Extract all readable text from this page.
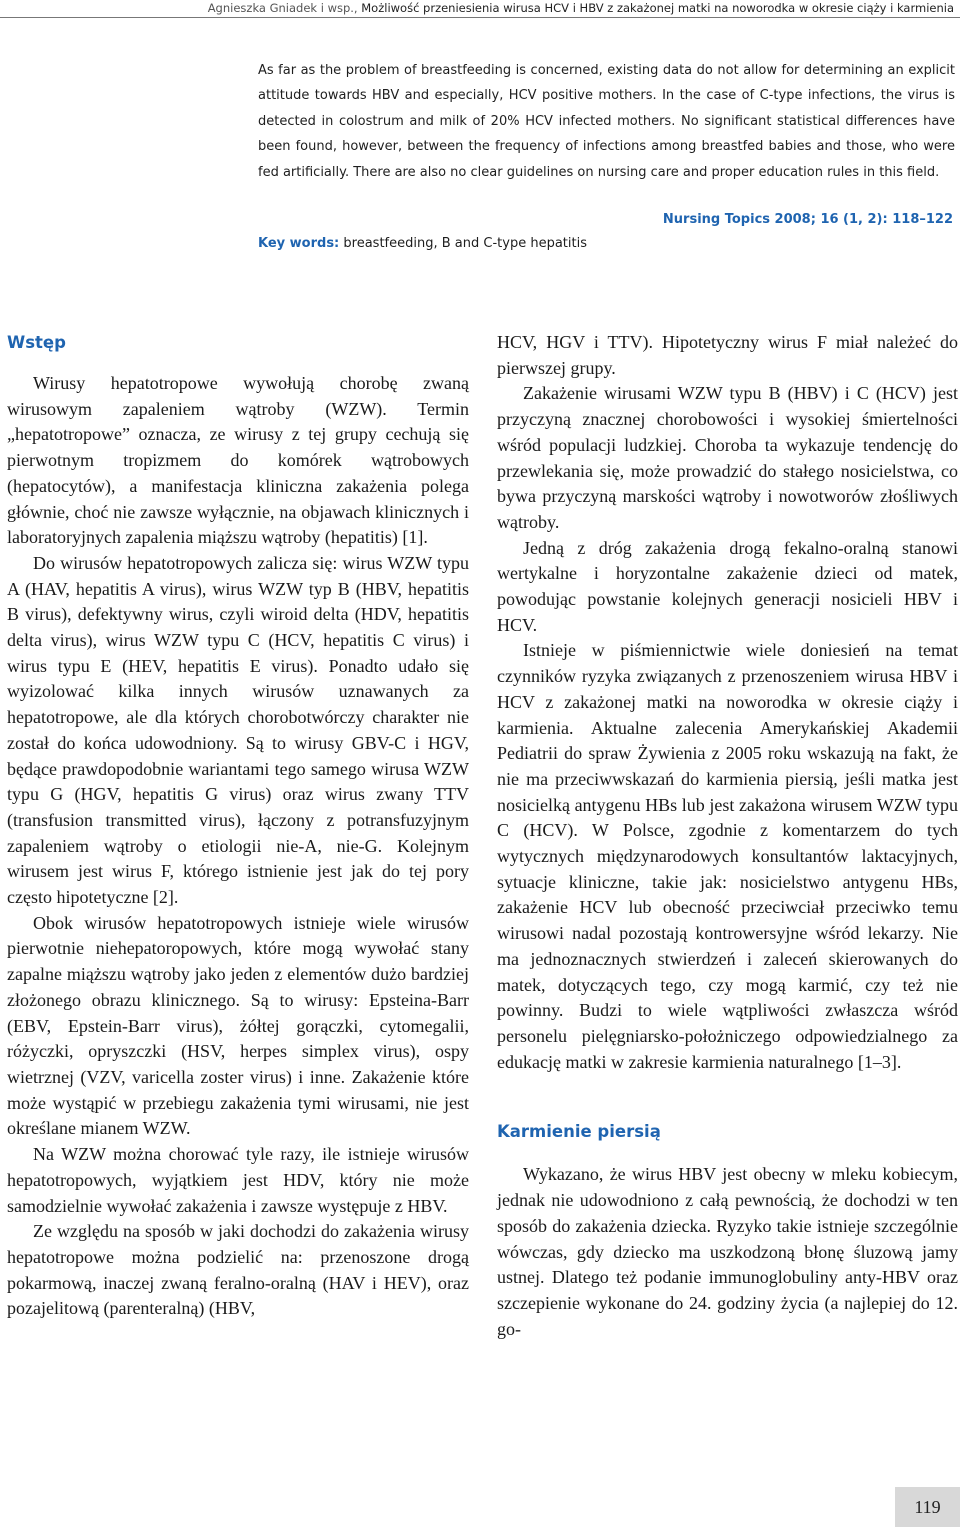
Agnieszka Gniadek i wsp., Możliwość przeniesienia wirusa HCV i HBV z zakażonej matki na noworodka w okresie ciąży i karmienia
As far as the problem of breastfeeding is concerned, existing data do not allow for determining an explicit attitude towards HBV and especially, HCV positive mothers. In the case of C-type infections, the virus is detected in colostrum and milk of 20% HCV infected mothers. No significant statistical differences have been found, however, between the frequency of infections among breastfed babies and those, who were fed artificially. There are also no clear guidelines on nursing care and proper education rules in this field.
Nursing Topics 2008; 16 (1, 2): 118–122
Key words: breastfeeding, B and C-type hepatitis
Wstęp

Wirusy hepatotropowe wywołują chorobę zwaną wirusowym zapaleniem wątroby (WZW). Termin „hepatotropowe” oznacza, ze wirusy z tej grupy cechują się pierwotnym tropizmem do komórek wątrobowych (hepatocytów), a manifestacja kliniczna zakażenia polega głównie, choć nie zawsze wyłącznie, na objawach klinicznych i laboratoryjnych zapalenia miąższu wątroby (hepatitis) [1].

Do wirusów hepatotropowych zalicza się: wirus WZW typu A (HAV, hepatitis A virus), wirus WZW typ B (HBV, hepatitis B virus), defektywny wirus, czyli wiroid delta (HDV, hepatitis delta virus), wirus WZW typu C (HCV, hepatitis C virus) i wirus typu E (HEV, hepatitis E virus). Ponadto udało się wyizolować kilka innych wirusów uznawanych za hepatotropowe, ale dla których chorobotwórczy charakter nie został do końca udowodniony. Są to wirusy GBV-C i HGV, będące prawdopodobnie wariantami tego samego wirusa WZW typu G (HGV, hepatitis G virus) oraz wirus zwany TTV (transfusion transmitted virus), łączony z potransfuzyjnym zapaleniem wątroby o etiologii nie-A, nie-G. Kolejnym wirusem jest wirus F, którego istnienie jest jak do tej pory często hipotetyczne [2].

Obok wirusów hepatotropowych istnieje wiele wirusów pierwotnie niehepatoropowych, które mogą wywołać stany zapalne miąższu wątroby jako jeden z elementów dużo bardziej złożonego obrazu klinicznego. Są to wirusy: Epsteina-Barr (EBV, Epstein-Barr virus), żółtej gorączki, cytomegalii, różyczki, opryszczki (HSV, herpes simplex virus), ospy wietrznej (VZV, varicella zoster virus) i inne. Zakażenie które może wystąpić w przebiegu zakażenia tymi wirusami, nie jest określane mianem WZW.

Na WZW można chorować tyle razy, ile istnieje wirusów hepatotropowych, wyjątkiem jest HDV, który nie może samodzielnie wywołać zakażenia i zawsze występuje z HBV.

Ze względu na sposób w jaki dochodzi do zakażenia wirusy hepatotropowe można podzielić na: przenoszone drogą pokarmową, inaczej zwaną feralno-oralną (HAV i HEV), oraz pozajelitową (parenteralną) (HBV,

HCV, HGV i TTV). Hipotetyczny wirus F miał należeć do pierwszej grupy.

Zakażenie wirusami WZW typu B (HBV) i C (HCV) jest przyczyną znacznej chorobowości i wysokiej śmiertelności wśród populacji ludzkiej. Choroba ta wykazuje tendencję do przewlekania się, może prowadzić do stałego nosicielstwa, co bywa przyczyną marskości wątroby i nowotworów złośliwych wątroby.

Jedną z dróg zakażenia drogą fekalno-oralną stanowi wertykalne i horyzontalne zakażenie dzieci od matek, powodując powstanie kolejnych generacji nosicieli HBV i HCV.

Istnieje w piśmiennictwie wiele doniesień na temat czynników ryzyka związanych z przenoszeniem wirusa HBV i HCV z zakażonej matki na noworodka w okresie ciąży i karmienia. Aktualne zalecenia Amerykańskiej Akademii Pediatrii do spraw Żywienia z 2005 roku wskazują na fakt, że nie ma przeciwwskazań do karmienia piersią, jeśli matka jest nosicielką antygenu HBs lub jest zakażona wirusem WZW typu C (HCV). W Polsce, zgodnie z komentarzem do tych wytycznych międzynarodowych konsultantów laktacyjnych, sytuacje kliniczne, takie jak: nosicielstwo antygenu HBs, zakażenie HCV lub obecność przeciwciał przeciwko temu wirusowi nadal pozostają kontrowersyjne wśród lekarzy. Nie ma jednoznacznych stwierdzeń i zaleceń skierowanych do matek, dotyczących tego, czy mogą karmić, czy też nie powinny. Budzi to wiele wątpliwości zwłaszcza wśród personelu pielęgniarsko-położniczego odpowiedzialnego za edukację matki w zakresie karmienia naturalnego [1–3].

Karmienie piersią

Wykazano, że wirus HBV jest obecny w mleku kobiecym, jednak nie udowodniono z całą pewnością, że dochodzi w ten sposób do zakażenia dziecka. Ryzyko takie istnieje szczególnie wówczas, gdy dziecko ma uszkodzoną błonę śluzową jamy ustnej. Dlatego też podanie immunoglobuliny anty-HBV oraz szczepienie wykonane do 24. godziny życia (a najlepiej do 12. go-

119
